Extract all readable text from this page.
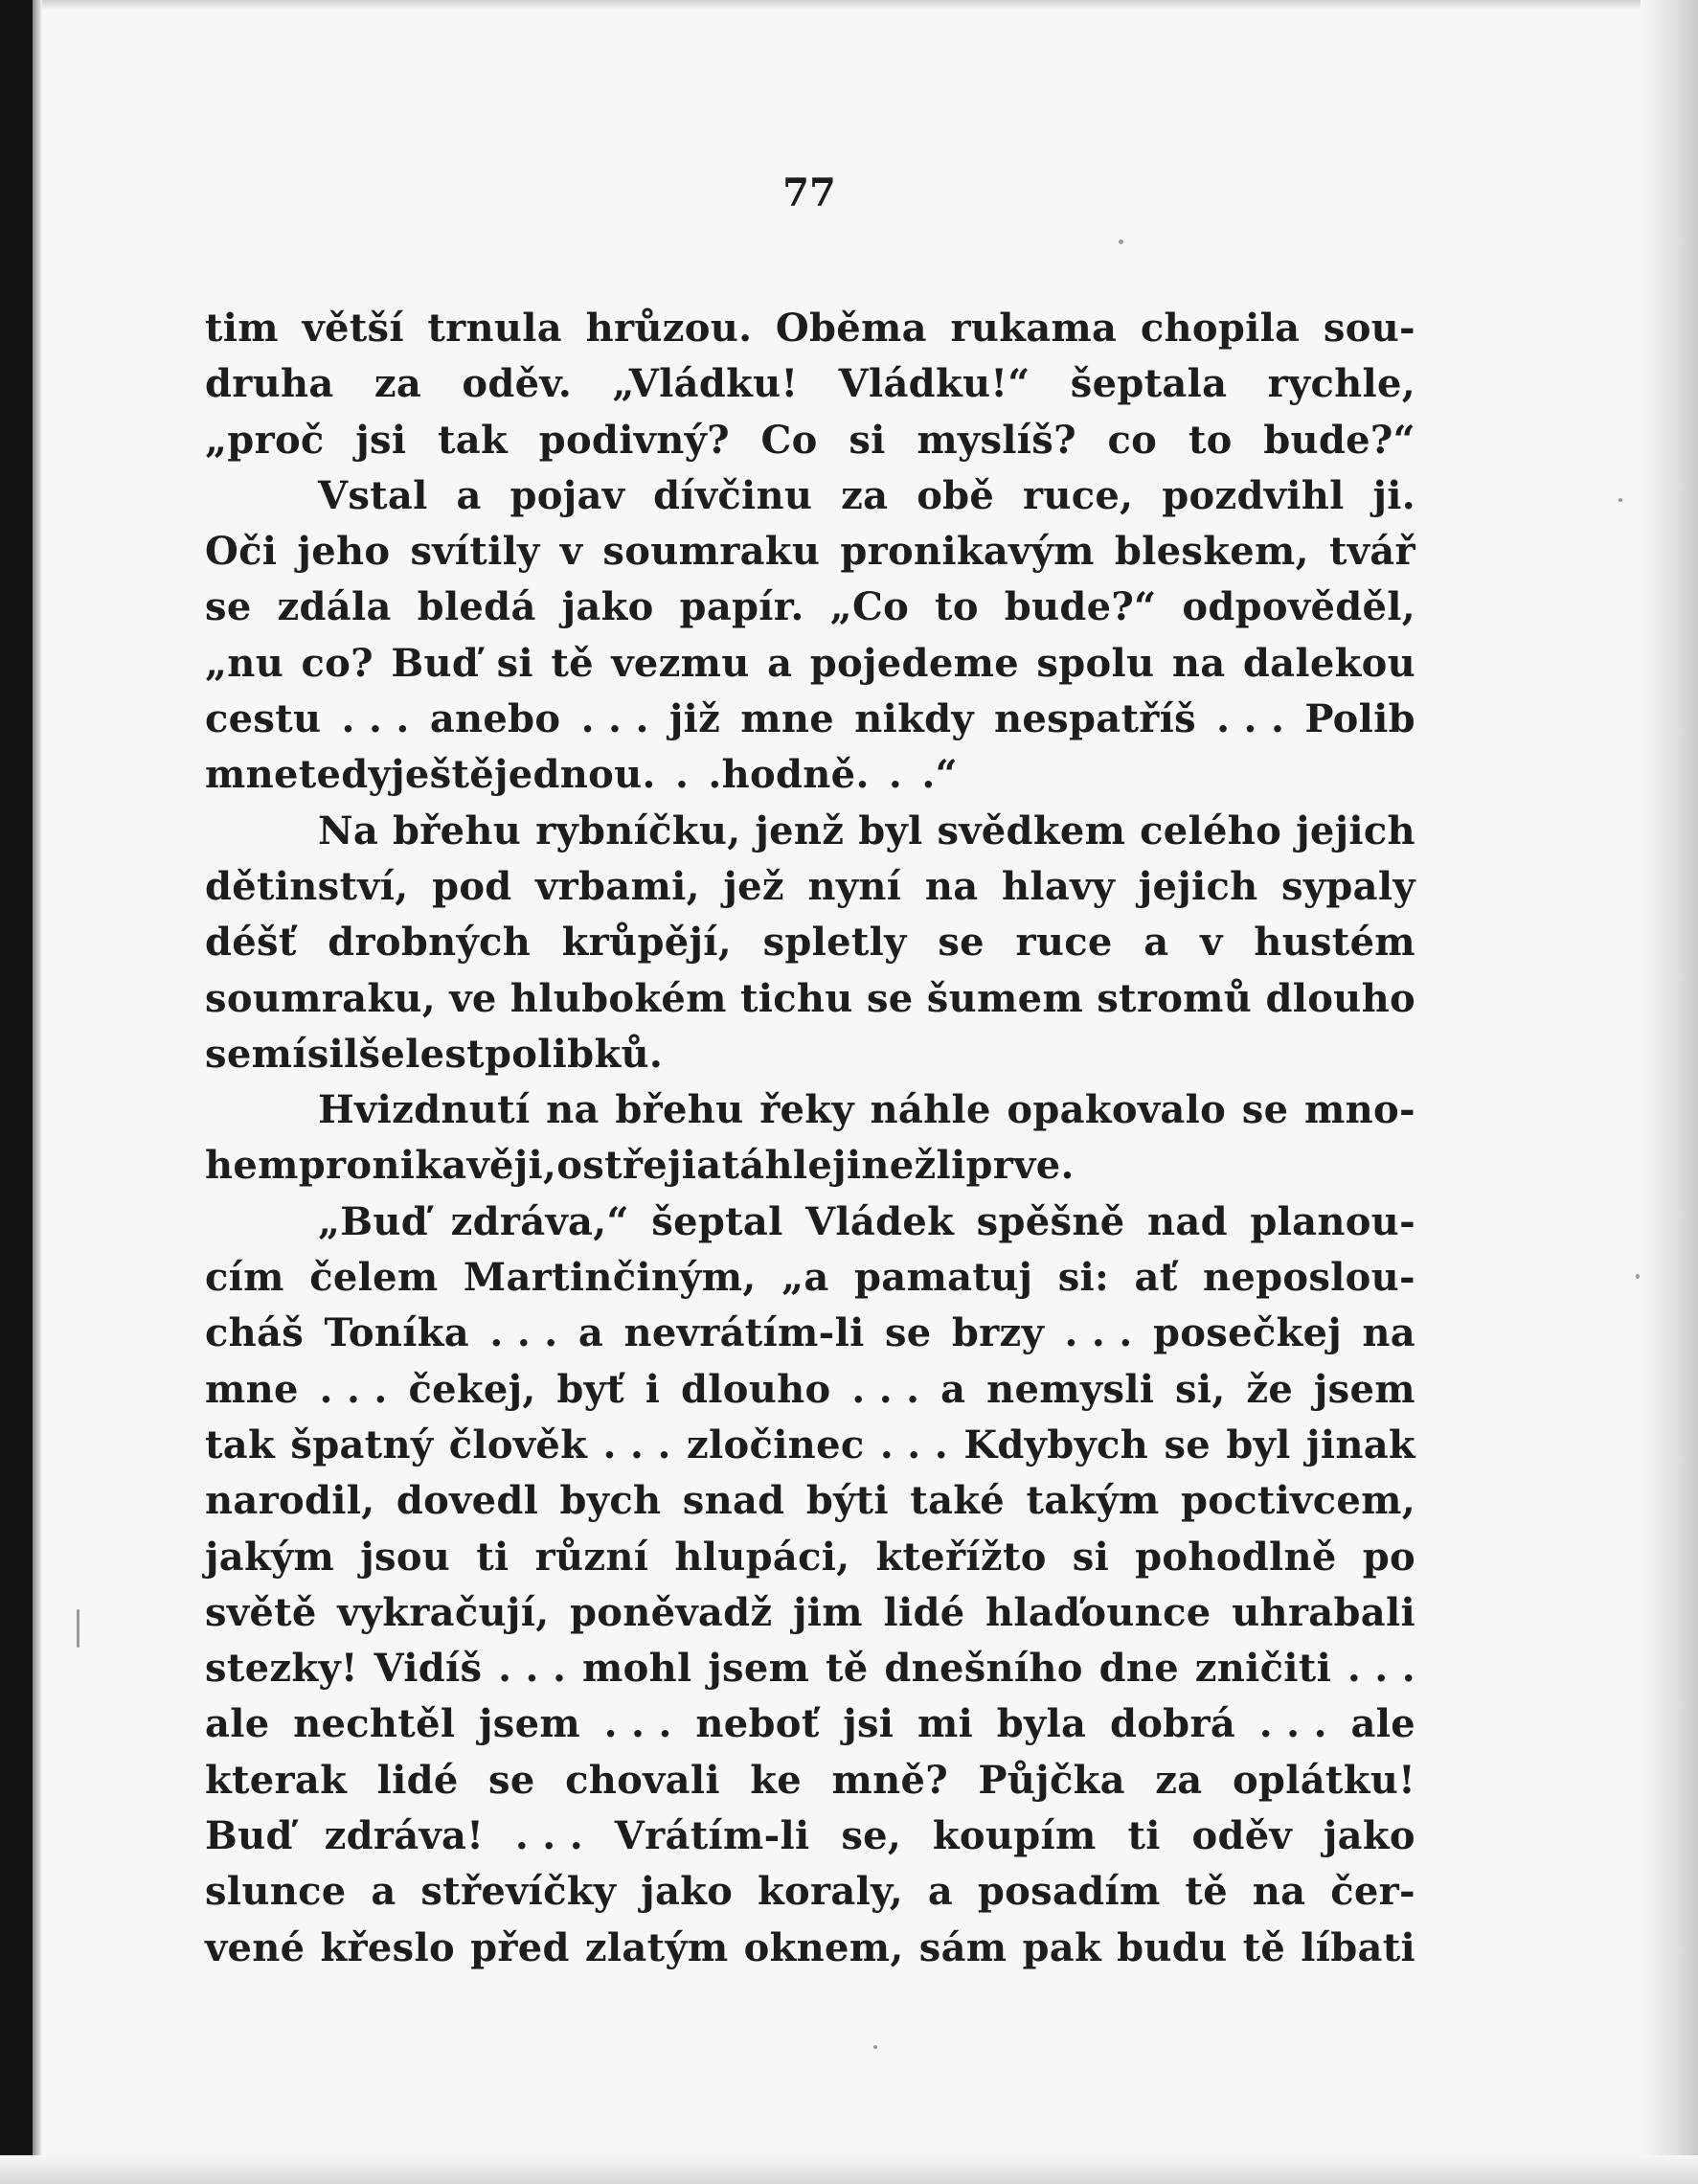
77
tim větší trnula hrůzou. Oběma rukama chopila sou-
druha za oděv. „Vládku! Vládku!“ šeptala rychle,
„proč jsi tak podivný? Co si myslíš? co to bude?“
Vstal a pojav dívčinu za obě ruce, pozdvihl ji.
Oči jeho svítily v soumraku pronikavým bleskem, tvář
se zdála bledá jako papír. „Co to bude?“ odpověděl,
„nu co? Buď si tě vezmu a pojedeme spolu na dalekou
cestu . . . anebo . . . již mne nikdy nespatříš . . . Polib
mne tedy ještě jednou . . . hodně . . .“
Na břehu rybníčku, jenž byl svědkem celého jejich
dětinství, pod vrbami, jež nyní na hlavy jejich sypaly
déšť drobných krůpějí, spletly se ruce a v hustém
soumraku, ve hlubokém tichu se šumem stromů dlouho
se mísil šelest polibků.
Hvizdnutí na břehu řeky náhle opakovalo se mno-
hem pronikavěji, ostřeji a táhleji nežli prve.
„Buď zdráva,“ šeptal Vládek spěšně nad planou-
cím čelem Martinčiným, „a pamatuj si: ať neposlou-
cháš Toníka . . . a nevrátím-li se brzy . . . posečkej na
mne . . . čekej, byť i dlouho . . . a nemysli si, že jsem
tak špatný člověk . . . zločinec . . . Kdybych se byl jinak
narodil, dovedl bych snad býti také takým poctivcem,
jakým jsou ti různí hlupáci, kteřížto si pohodlně po
světě vykračují, poněvadž jim lidé hlaďounce uhrabali
stezky! Vidíš . . . mohl jsem tě dnešního dne zničiti . . .
ale nechtěl jsem . . . neboť jsi mi byla dobrá . . . ale
kterak lidé se chovali ke mně? Půjčka za oplátku!
Buď zdráva! . . . Vrátím-li se, koupím ti oděv jako
slunce a střevíčky jako koraly, a posadím tě na čer-
vené křeslo před zlatým oknem, sám pak budu tě líbati
